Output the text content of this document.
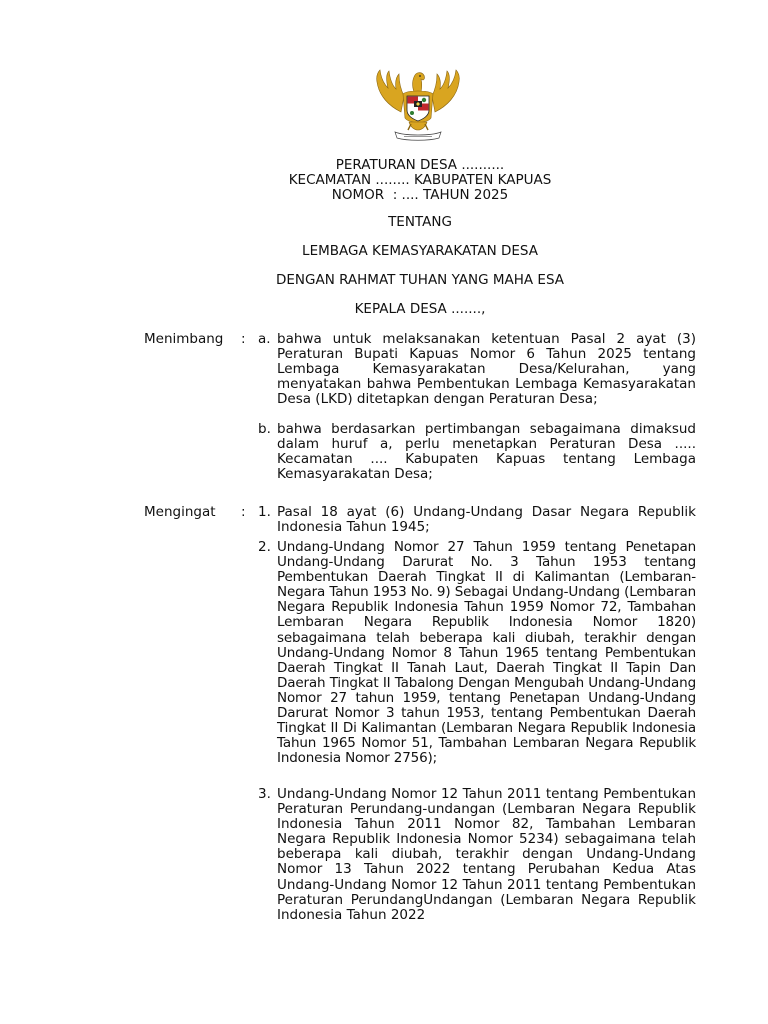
PERATURAN DESA ..........
KECAMATAN ........ KABUPATEN KAPUAS
NOMOR  : .... TAHUN 2025
TENTANG
LEMBAGA KEMASYARAKATAN DESA
DENGAN RAHMAT TUHAN YANG MAHA ESA
KEPALA DESA .......,
Menimbang : a. bahwa untuk melaksanakan ketentuan Pasal 2 ayat (3) Peraturan Bupati Kapuas Nomor 6 Tahun 2025 tentang Lembaga Kemasyarakatan Desa/Kelurahan, yang menyatakan bahwa Pembentukan Lembaga Kemasyarakatan Desa (LKD) ditetapkan dengan Peraturan Desa;
b. bahwa berdasarkan pertimbangan sebagaimana dimaksud dalam huruf a, perlu menetapkan Peraturan Desa ..... Kecamatan .... Kabupaten Kapuas tentang Lembaga Kemasyarakatan Desa;
Mengingat : 1. Pasal 18 ayat (6) Undang-Undang Dasar Negara Republik Indonesia Tahun 1945;
2. Undang-Undang Nomor 27 Tahun 1959 tentang Penetapan Undang-Undang Darurat No. 3 Tahun 1953 tentang Pembentukan Daerah Tingkat II di Kalimantan (Lembaran-Negara Tahun 1953 No. 9) Sebagai Undang-Undang (Lembaran Negara Republik Indonesia Tahun 1959 Nomor 72, Tambahan Lembaran Negara Republik Indonesia Nomor 1820) sebagaimana telah beberapa kali diubah, terakhir dengan Undang-Undang Nomor 8 Tahun 1965 tentang Pembentukan Daerah Tingkat II Tanah Laut, Daerah Tingkat II Tapin Dan Daerah Tingkat II Tabalong Dengan Mengubah Undang-Undang Nomor 27 tahun 1959, tentang Penetapan Undang-Undang Darurat Nomor 3 tahun 1953, tentang Pembentukan Daerah Tingkat II Di Kalimantan (Lembaran Negara Republik Indonesia Tahun 1965 Nomor 51, Tambahan Lembaran Negara Republik Indonesia Nomor 2756);
3. Undang-Undang Nomor 12 Tahun 2011 tentang Pembentukan Peraturan Perundang-undangan (Lembaran Negara Republik Indonesia Tahun 2011 Nomor 82, Tambahan Lembaran Negara Republik Indonesia Nomor 5234) sebagaimana telah beberapa kali diubah, terakhir dengan Undang-Undang Nomor 13 Tahun 2022 tentang Perubahan Kedua Atas Undang-Undang Nomor 12 Tahun 2011 tentang Pembentukan Peraturan PerundangUndangan (Lembaran Negara Republik Indonesia Tahun 2022
